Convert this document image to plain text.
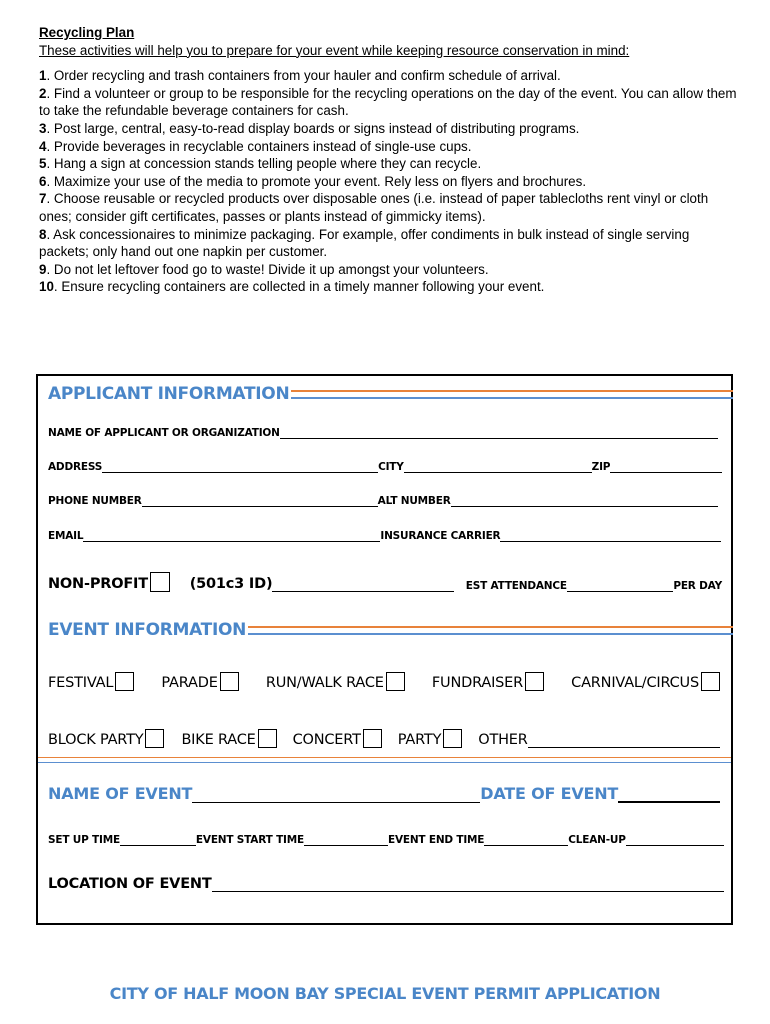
Recycling Plan
These activities will help you to prepare for your event while keeping resource conservation in mind:
1. Order recycling and trash containers from your hauler and confirm schedule of arrival.
2. Find a volunteer or group to be responsible for the recycling operations on the day of the event. You can allow them to take the refundable beverage containers for cash.
3. Post large, central, easy-to-read display boards or signs instead of distributing programs.
4. Provide beverages in recyclable containers instead of single-use cups.
5. Hang a sign at concession stands telling people where they can recycle.
6. Maximize your use of the media to promote your event. Rely less on flyers and brochures.
7. Choose reusable or recycled products over disposable ones (i.e. instead of paper tablecloths rent vinyl or cloth ones; consider gift certificates, passes or plants instead of gimmicky items).
8. Ask concessionaires to minimize packaging. For example, offer condiments in bulk instead of single serving packets; only hand out one napkin per customer.
9. Do not let leftover food go to waste! Divide it up amongst your volunteers.
10. Ensure recycling containers are collected in a timely manner following your event.
APPLICANT INFORMATION
NAME OF APPLICANT OR ORGANIZATION
ADDRESS	CITY	ZIP
PHONE NUMBER	ALT NUMBER
EMAIL	INSURANCE CARRIER
NON-PROFIT	(501c3 ID)	EST ATTENDANCE	PER DAY
EVENT INFORMATION
FESTIVAL	PARADE	RUN/WALK RACE	FUNDRAISER	CARNIVAL/CIRCUS
BLOCK PARTY	BIKE RACE	CONCERT	PARTY	OTHER
NAME OF EVENT	DATE OF EVENT
SET UP TIME	EVENT START TIME	EVENT END TIME	CLEAN-UP
LOCATION OF EVENT
CITY OF HALF MOON BAY SPECIAL EVENT PERMIT APPLICATION
